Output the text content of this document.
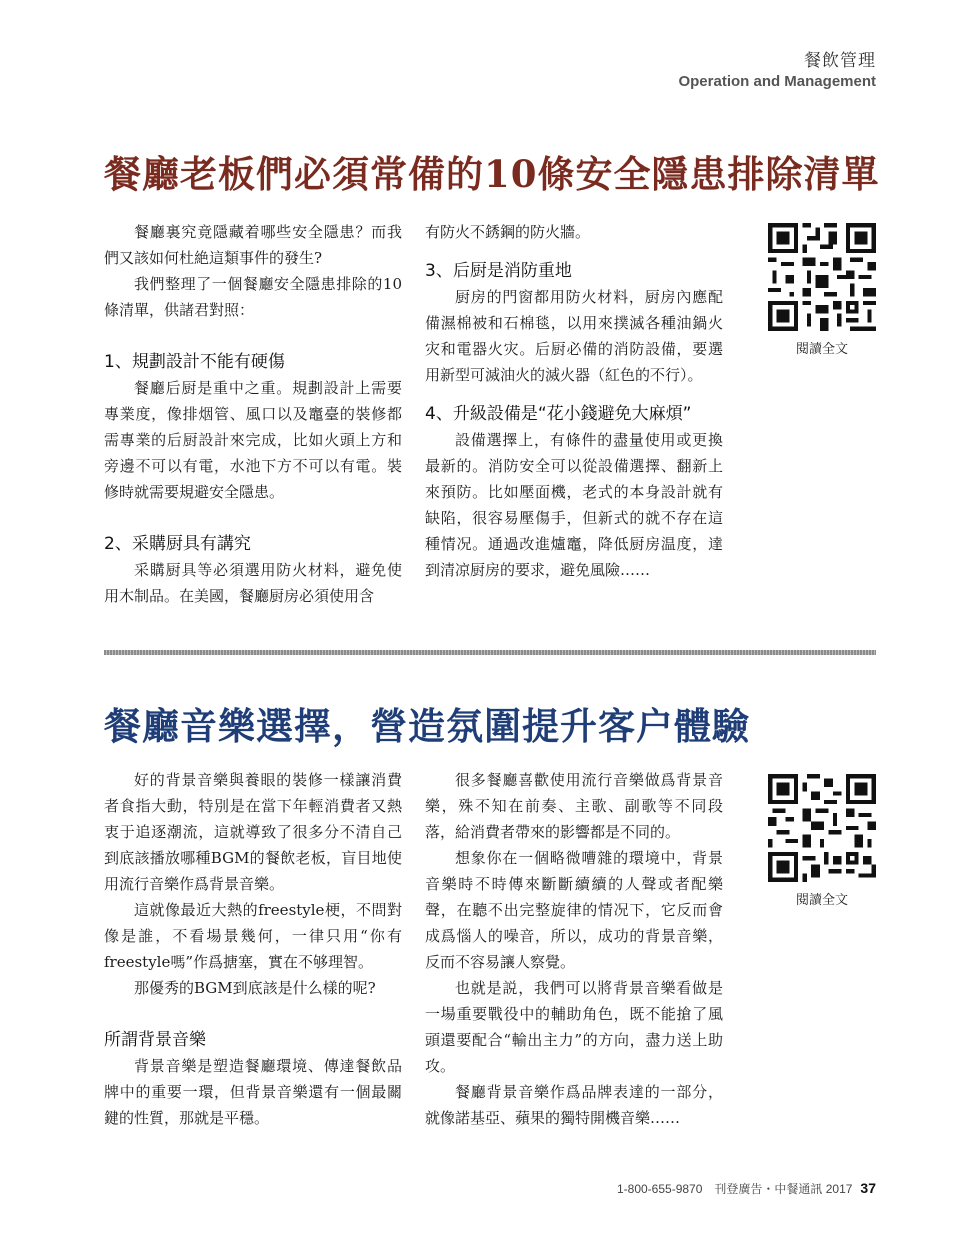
餐飲管理
Operation and Management
餐廳老板們必須常備的10條安全隱患排除清單

餐廳裏究竟隱藏着哪些安全隱患？而我們又該如何杜絶這類事件的發生?

我們整理了一個餐廳安全隱患排除的10條清單，供諸君對照：

1、規劃設計不能有硬傷

餐廳后厨是重中之重。規劃設計上需要專業度，像排烟管、風口以及竈臺的裝修都需專業的后厨設計來完成，比如火頭上方和旁邊不可以有電，水池下方不可以有電。裝修時就需要規避安全隱患。

2、采購厨具有講究

采購厨具等必須選用防火材料，避免使用木制品。在美國，餐廳厨房必須使用含

有防火不銹鋼的防火牆。

3、后厨是消防重地

厨房的門窗都用防火材料，厨房內應配備濕棉被和石棉毯，以用來撲滅各種油鍋火灾和電器火灾。后厨必備的消防設備，要選用新型可滅油火的滅火器（紅色的不行）。

4、升級設備是“花小錢避免大麻煩”

設備選擇上，有條件的盡量使用或更換最新的。消防安全可以從設備選擇、翻新上來預防。比如壓面機，老式的本身設計就有缺陷，很容易壓傷手，但新式的就不存在這種情况。通過改進爐竈，降低厨房温度，達到清凉厨房的要求，避免風險……

閱讀全文
餐廳音樂選擇，營造氛圍提升客户體驗

好的背景音樂與養眼的裝修一樣讓消費者食指大動，特別是在當下年輕消費者又熱衷于追逐潮流，這就導致了很多分不清自己到底該播放哪種BGM的餐飲老板，盲目地使用流行音樂作爲背景音樂。

這就像最近大熱的freestyle梗，不問對像是誰，不看場景幾何，一律只用“你有freestyle嗎”作爲搪塞，實在不够理智。

那優秀的BGM到底該是什么樣的呢?

所謂背景音樂

背景音樂是塑造餐廳環境、傳達餐飲品牌中的重要一環，但背景音樂還有一個最關鍵的性質，那就是平穩。

很多餐廳喜歡使用流行音樂做爲背景音樂，殊不知在前奏、主歌、副歌等不同段落，給消費者帶來的影響都是不同的。

想象你在一個略微嘈雜的環境中，背景音樂時不時傳來斷斷續續的人聲或者配樂聲，在聽不出完整旋律的情况下，它反而會成爲惱人的噪音，所以，成功的背景音樂，反而不容易讓人察覺。

也就是説，我們可以將背景音樂看做是一場重要戰役中的輔助角色，既不能搶了風頭還要配合“輸出主力”的方向，盡力送上助攻。

餐廳背景音樂作爲品牌表達的一部分，就像諾基亞、蘋果的獨特開機音樂……

閱讀全文
1-800-655-9870　刊登廣告・中餐通訊 2017 37
